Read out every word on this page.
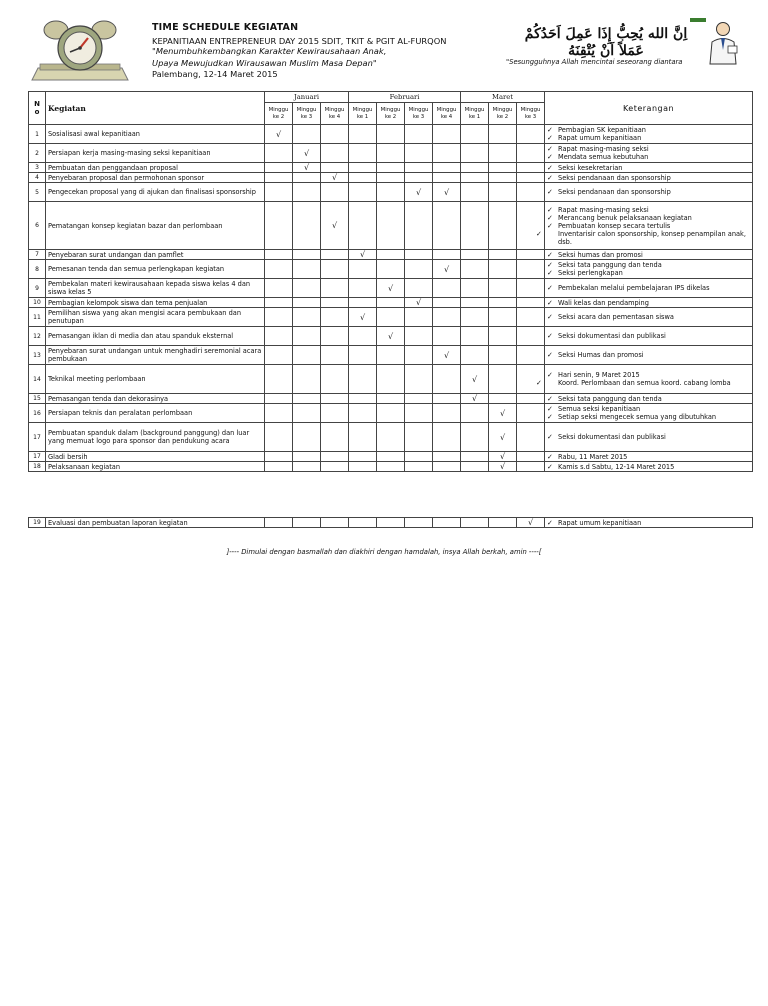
TIME SCHEDULE KEGIATAN
KEPANITIAAN ENTREPRENEUR DAY 2015 SDIT, TKIT & PGIT AL-FURQON
"Menumbuhkembangkan Karakter Kewirausahaan Anak,
Upaya Mewujudkan Wirausawan Muslim Masa Depan"
Palembang, 12-14 Maret 2015
اِنَّ الله يُحِبُّ إِذَا عَمِلَ اَحَدُكُمْ
عَمَلاً اَنْ يُتْقِنَهُ
"Sesungguhnya Allah mencintai seseorang diantara
N o	Kegiatan	Januari			Februari				Maret			Keterangan
		Minggu ke 2	Minggu ke 3	Minggu ke 4	Minggu ke 1	Minggu ke 2	Minggu ke 3	Minggu ke 4	Minggu ke 1	Minggu ke 2	Minggu ke 3	
1	Sosialisasi awal kepanitiaan	√										✓ Pembagian SK kepanitiaan
✓ Rapat umum kepanitiaan

2	Persiapan kerja masing-masing seksi kepanitiaan		√									✓ Rapat masing-masing seksi
✓ Mendata semua kebutuhan

3	Pembuatan dan penggandaan proposal		√									✓ Seksi kesekretarian

4	Penyebaran proposal dan permohonan sponsor			√								✓ Seksi pendanaan dan sponsorship

5	Pengecekan proposal yang di ajukan dan finalisasi sponsorship						√	√				✓ Seksi pendanaan dan sponsorship

6	Pematangan konsep kegiatan bazar dan perlombaan			√								✓ Rapat masing-masing seksi
✓ Merancang benuk pelaksanaan kegiatan
✓ Pembuatan konsep secara tertulis
✓ Inventarisir calon sponsorship, konsep penampilan anak, dsb.

7	Penyebaran surat undangan dan pamflet				√							✓ Seksi humas dan promosi

8	Pemesanan tenda dan semua perlengkapan kegiatan							√				✓ Seksi tata panggung dan tenda
✓ Seksi perlengkapan

9	Pembekalan materi kewirausahaan kepada siswa kelas 4 dan siswa kelas 5					√						✓ Pembekalan melalui pembelajaran IPS dikelas

10	Pembagian kelompok siswa dan tema penjualan						√					✓ Wali kelas dan pendamping

11	Pemilihan siswa yang akan mengisi acara pembukaan dan penutupan				√							✓ Seksi acara dan pementasan siswa

12	Pemasangan iklan di media dan atau spanduk eksternal					√						✓ Seksi dokumentasi dan publikasi

13	Penyebaran surat undangan untuk menghadiri seremonial acara pembukaan							√				✓ Seksi Humas dan promosi

14	Teknikal meeting perlombaan								√			✓ Hari senin, 9 Maret 2015
✓ Koord. Perlombaan dan semua koord. cabang lomba

15	Pemasangan tenda dan dekorasinya								√			✓ Seksi tata panggung dan tenda

16	Persiapan teknis dan peralatan perlombaan									√		✓ Semua seksi kepanitiaan
✓ Setiap seksi mengecek semua yang dibutuhkan

17	Pembuatan spanduk dalam (background panggung) dan luar yang memuat logo para sponsor dan pendukung acara									√		✓ Seksi dokumentasi dan publikasi

17	Gladi bersih									√		✓ Rabu, 11 Maret 2015

18	Pelaksanaan kegiatan									√		✓ Kamis s.d Sabtu, 12-14 Maret 2015

19	Evaluasi dan pembuatan laporan kegiatan										√	✓ Rapat umum kepanitiaan
]---- Dimulai dengan basmallah dan diakhiri dengan hamdalah, insya Allah berkah, amin ----[
